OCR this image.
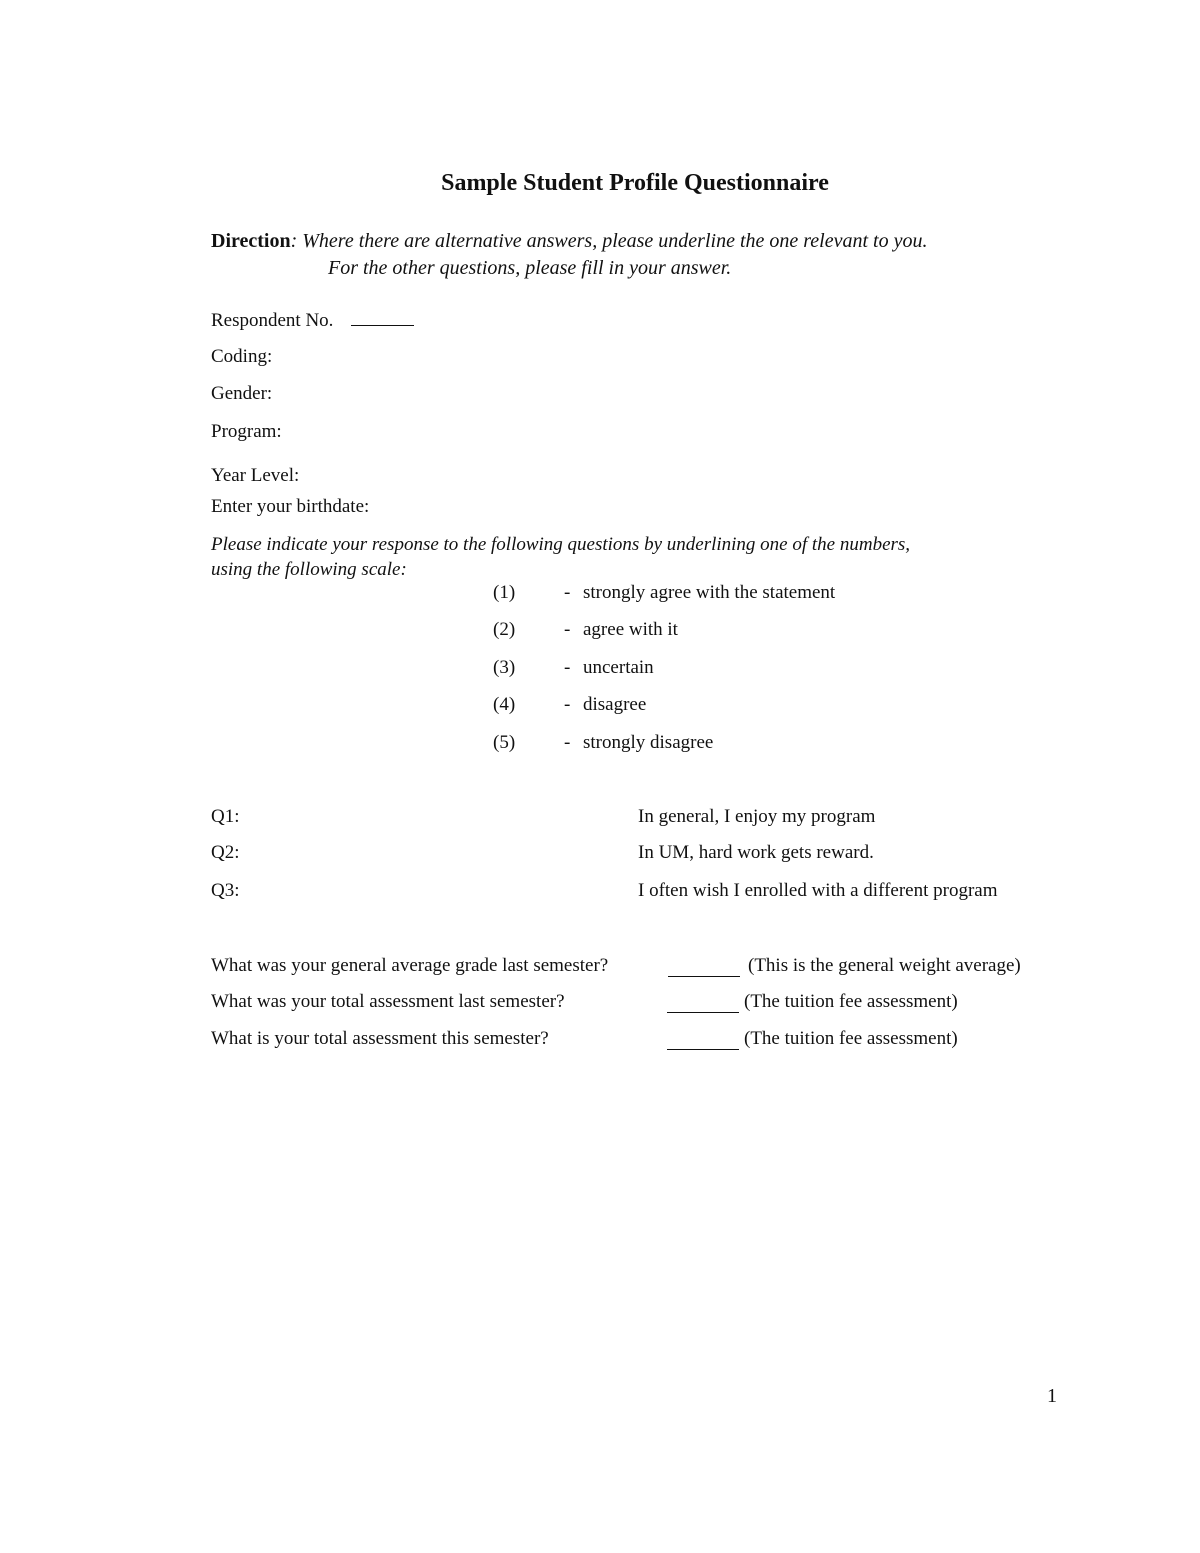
Sample Student Profile Questionnaire
Direction: Where there are alternative answers, please underline the one relevant to you.
For the other questions, please fill in your answer.
Respondent No.
Coding:
Gender:
Program:
Year Level:
Enter your birthdate:
Please indicate your response to the following questions by underlining one of the numbers,
using the following scale:
(1)	- strongly agree with the statement
(2)	- agree with it
(3)	- uncertain
(4)	- disagree
(5)	- strongly disagree
Q1:	In general, I enjoy my program
Q2:	In UM, hard work gets reward.
Q3:	I often wish I enrolled with a different program
What was your general average grade last semester?	(This is the general weight average)
What was your total assessment last semester?	(The tuition fee assessment)
What is your total assessment this semester?	(The tuition fee assessment)
1
